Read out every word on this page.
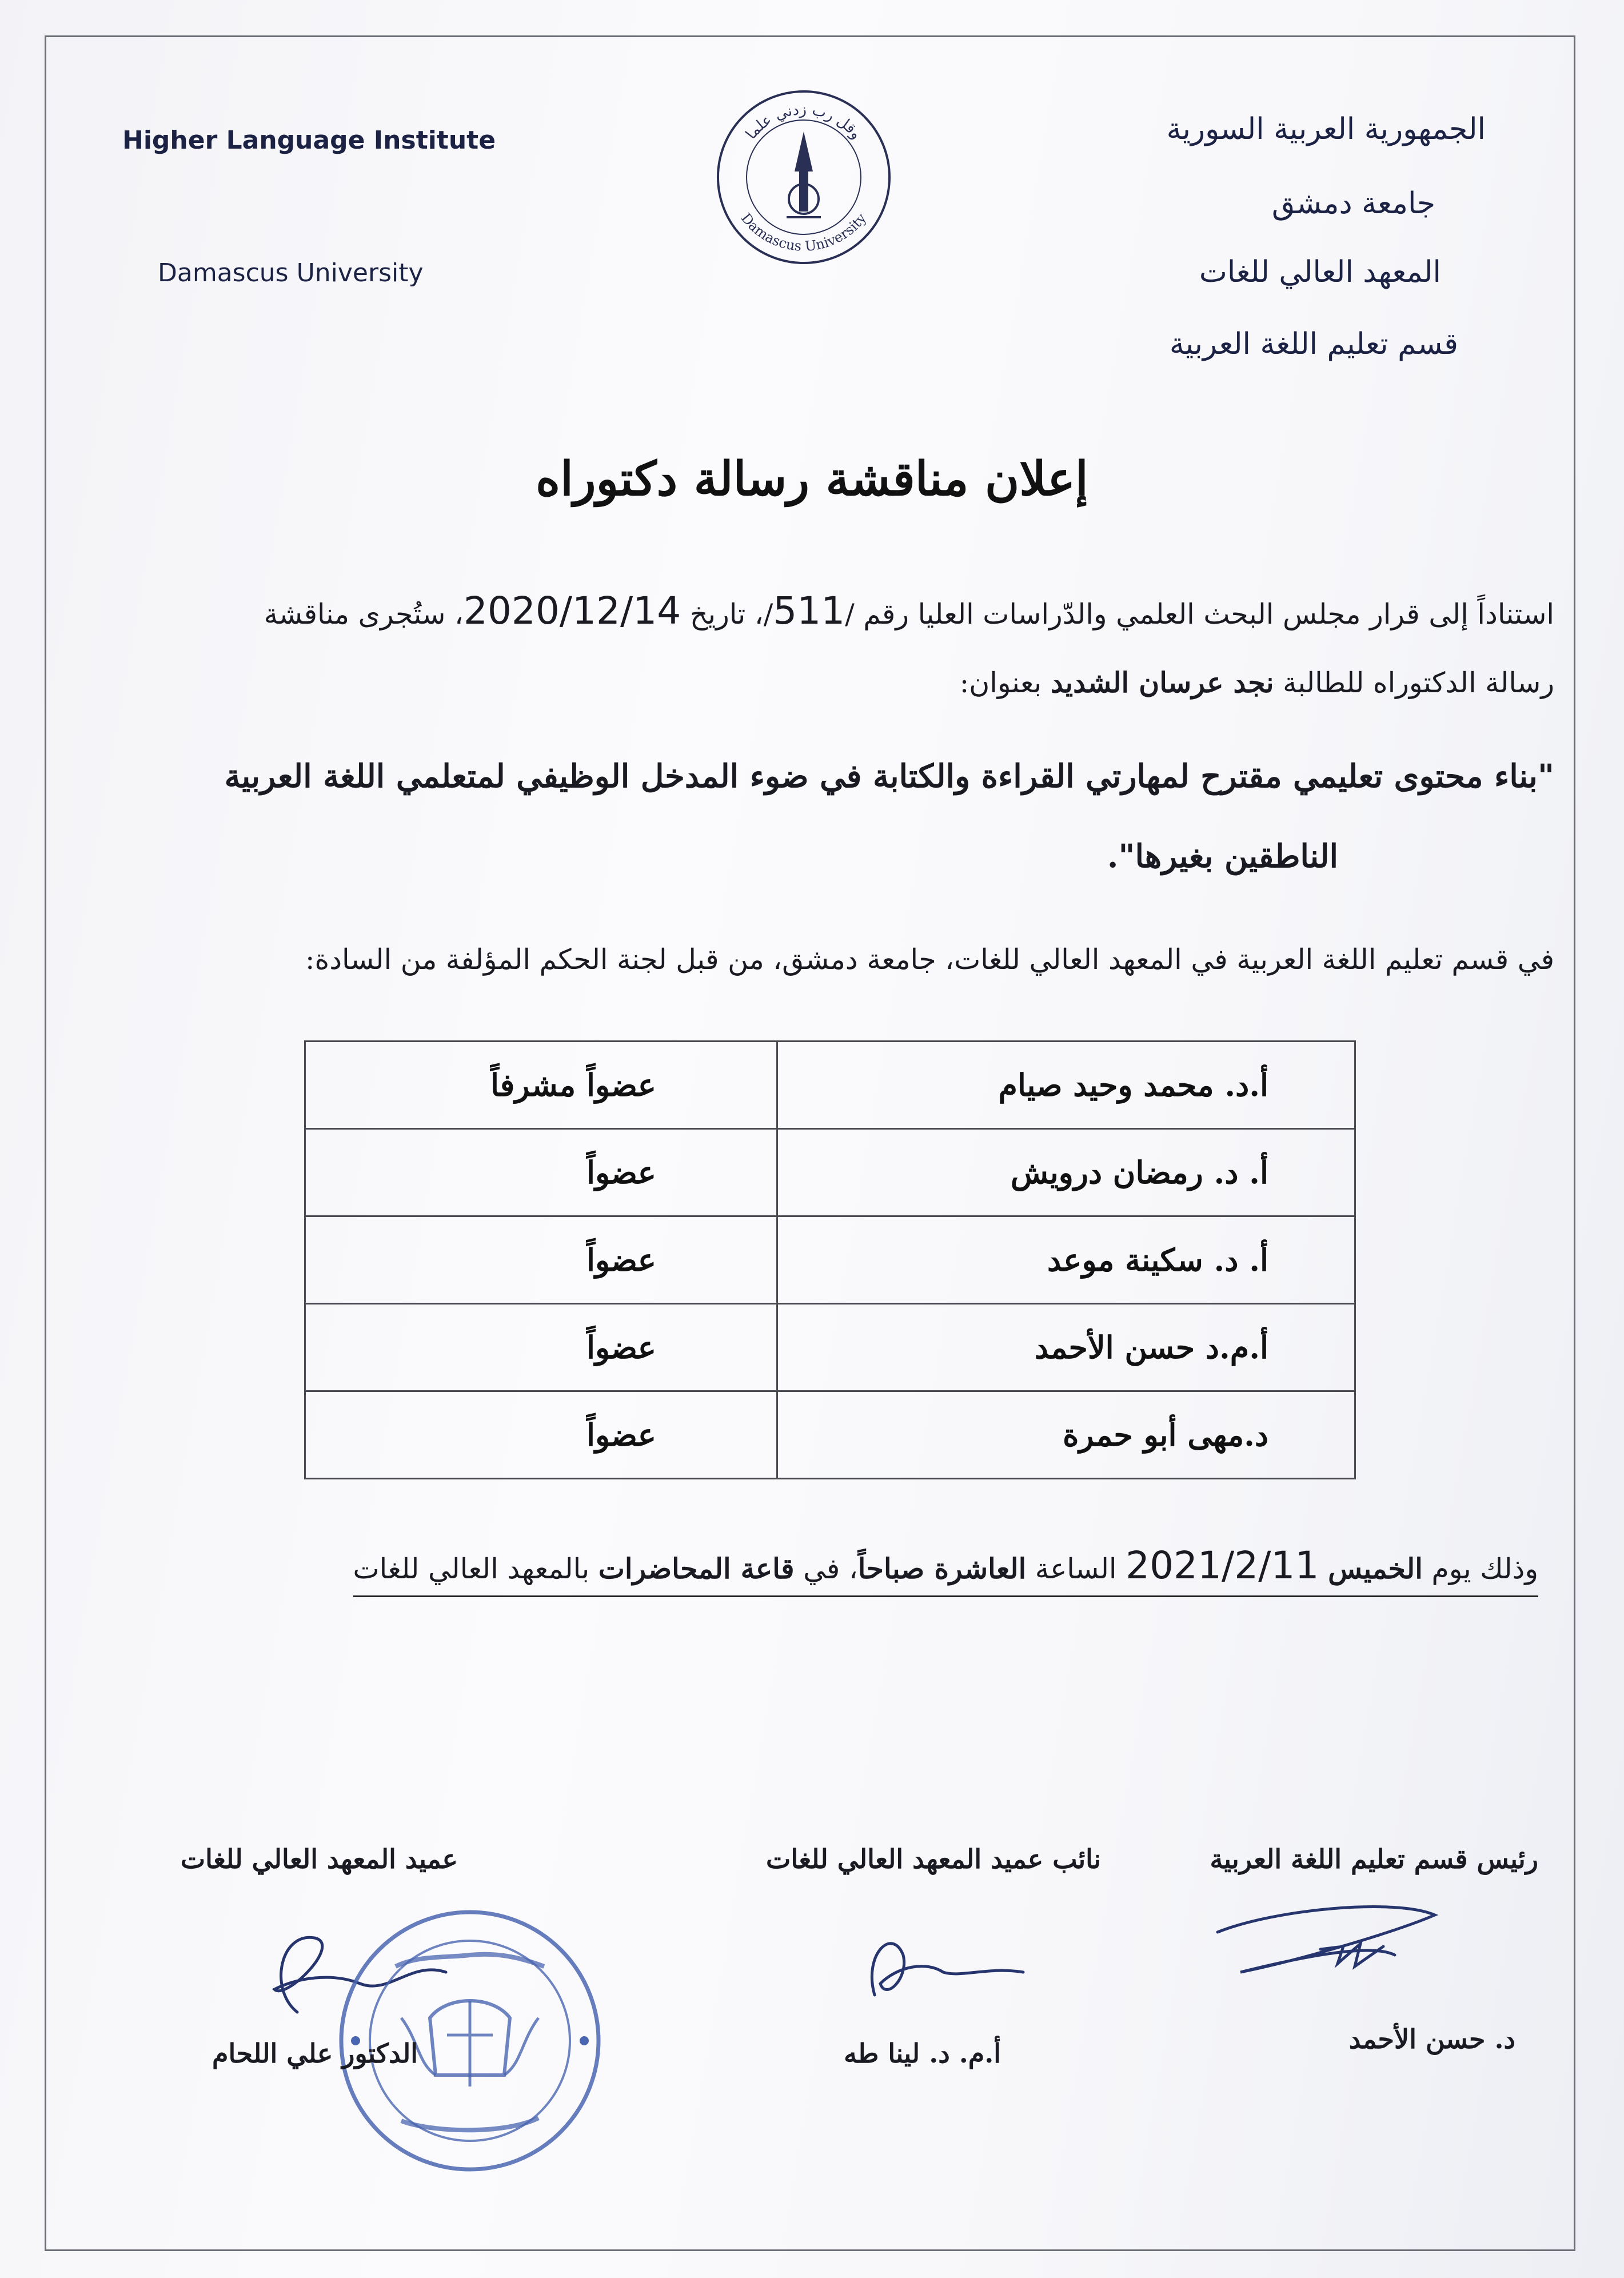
Higher Language Institute
Damascus University
وقل رب زدني علما
Damascus University
الجمهورية العربية السورية
جامعة دمشق
المعهد العالي للغات
قسم تعليم اللغة العربية
إعلان مناقشة رسالة دكتوراه
استناداً إلى قرار مجلس البحث العلمي والدّراسات العليا رقم /511/، تاريخ 2020/12/14، ستُجرى مناقشة
رسالة الدكتوراه للطالبة نجد عرسان الشديد بعنوان:
"بناء محتوى تعليمي مقترح لمهارتي القراءة والكتابة في ضوء المدخل الوظيفي لمتعلمي اللغة العربية
الناطقين بغيرها".
في قسم تعليم اللغة العربية في المعهد العالي للغات، جامعة دمشق، من قبل لجنة الحكم المؤلفة من السادة:
أ.د. محمد وحيد صيام	عضواً مشرفاً
أ. د. رمضان درويش	عضواً
أ. د. سكينة موعد	عضواً
أ.م.د حسن الأحمد	عضواً
د.مهى أبو حمرة	عضواً
وذلك يوم الخميس 2021/2/11 الساعة العاشرة صباحاً، في قاعة المحاضرات بالمعهد العالي للغات
رئيس قسم تعليم اللغة العربية
نائب عميد المعهد العالي للغات
عميد المعهد العالي للغات
د. حسن الأحمد
أ.م. د. لينا طه
الدكتور علي اللحام
